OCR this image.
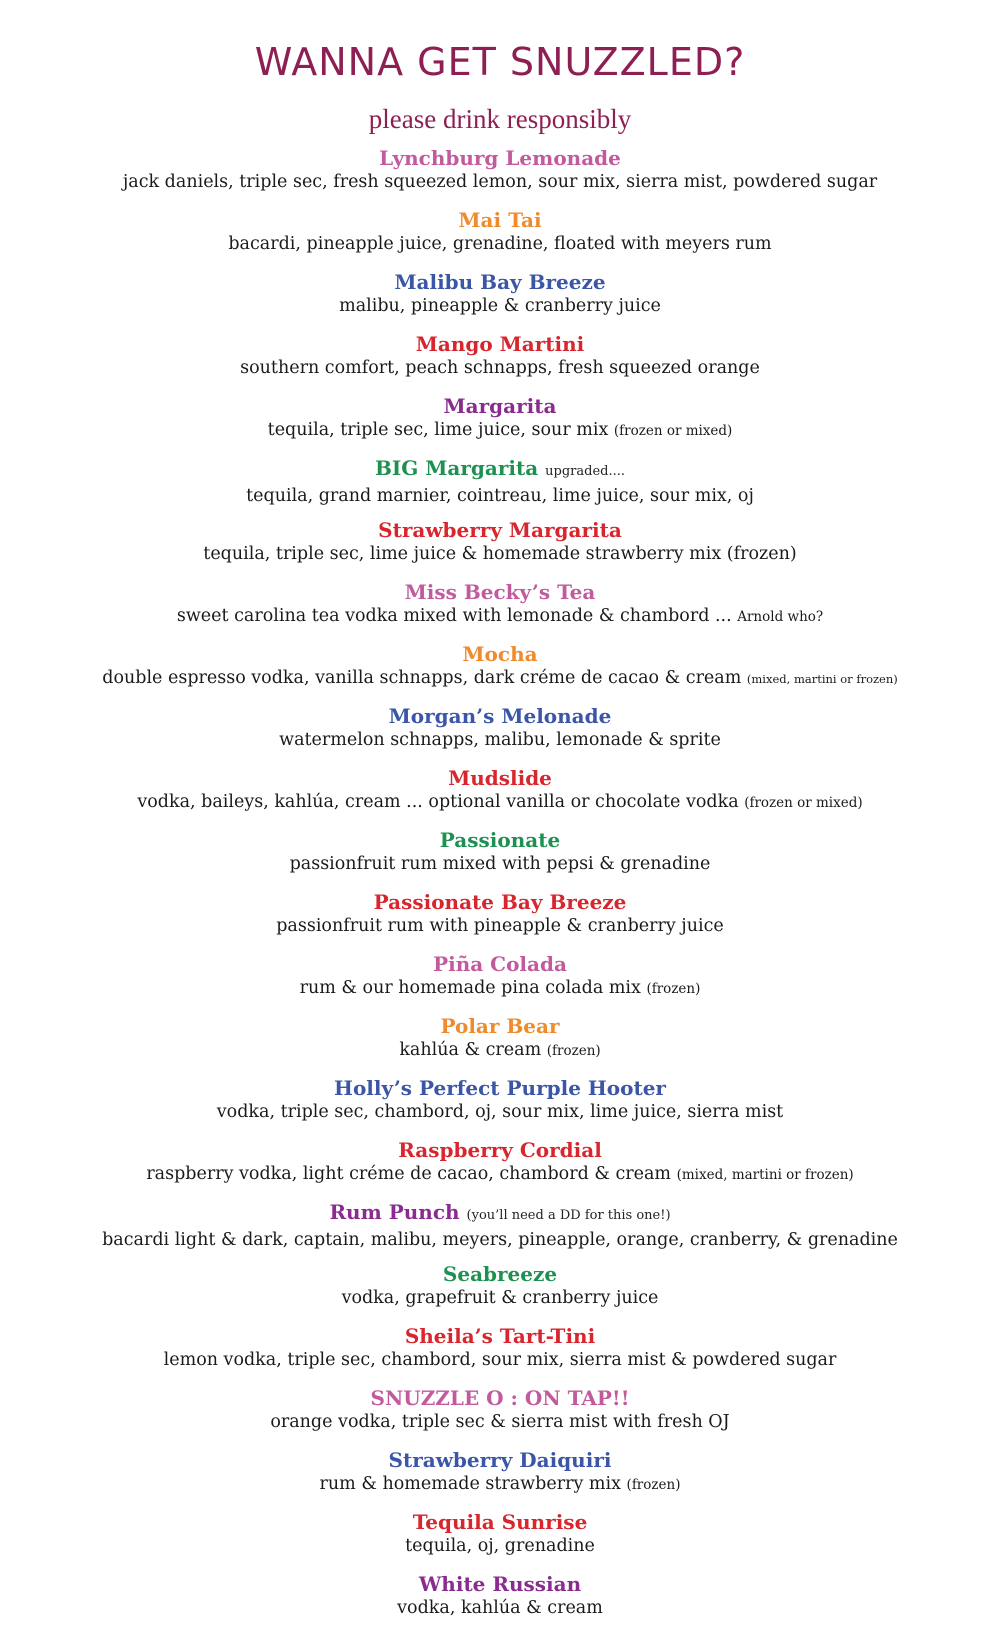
WANNA GET SNUZZLED?
please drink responsibly
Lynchburg Lemonade
jack daniels, triple sec, fresh squeezed lemon, sour mix, sierra mist, powdered sugar
Mai Tai
bacardi, pineapple juice, grenadine, floated with meyers rum
Malibu Bay Breeze
malibu, pineapple & cranberry juice
Mango Martini
southern comfort, peach schnapps, fresh squeezed orange
Margarita
tequila, triple sec, lime juice, sour mix (frozen or mixed)
BIG Margarita upgraded....
tequila, grand marnier, cointreau, lime juice, sour mix, oj
Strawberry Margarita
tequila, triple sec, lime juice & homemade strawberry mix (frozen)
Miss Becky’s Tea
sweet carolina tea vodka mixed with lemonade & chambord ... Arnold who?
Mocha
double espresso vodka, vanilla schnapps, dark créme de cacao & cream (mixed, martini or frozen)
Morgan’s Melonade
watermelon schnapps, malibu, lemonade & sprite
Mudslide
vodka, baileys, kahlúa, cream ... optional vanilla or chocolate vodka (frozen or mixed)
Passionate
passionfruit rum mixed with pepsi & grenadine
Passionate Bay Breeze
passionfruit rum with pineapple & cranberry juice
Piña Colada
rum & our homemade pina colada mix (frozen)
Polar Bear
kahlúa & cream (frozen)
Holly’s Perfect Purple Hooter
vodka, triple sec, chambord, oj, sour mix, lime juice, sierra mist
Raspberry Cordial
raspberry vodka, light créme de cacao, chambord & cream (mixed, martini or frozen)
Rum Punch (you’ll need a DD for this one!)
bacardi light & dark, captain, malibu, meyers, pineapple, orange, cranberry, & grenadine
Seabreeze
vodka, grapefruit & cranberry juice
Sheila’s Tart-Tini
lemon vodka, triple sec, chambord, sour mix, sierra mist & powdered sugar
SNUZZLE O : ON TAP!!
orange vodka, triple sec & sierra mist with fresh OJ
Strawberry Daiquiri
rum & homemade strawberry mix (frozen)
Tequila Sunrise
tequila, oj, grenadine
White Russian
vodka, kahlúa & cream
